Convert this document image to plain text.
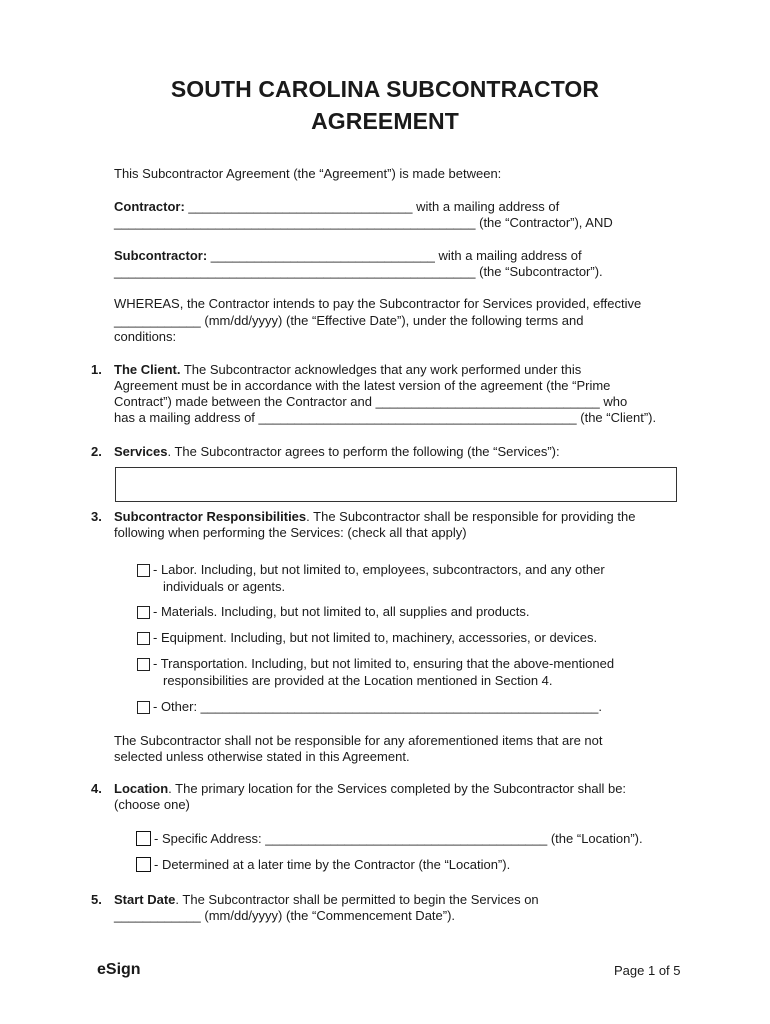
SOUTH CAROLINA SUBCONTRACTOR
AGREEMENT
This Subcontractor Agreement (the “Agreement”) is made between:
Contractor: _______________________________ with a mailing address of
__________________________________________________ (the “Contractor”), AND
Subcontractor: _______________________________ with a mailing address of
__________________________________________________ (the “Subcontractor”).
WHEREAS, the Contractor intends to pay the Subcontractor for Services provided, effective
____________ (mm/dd/yyyy) (the “Effective Date”), under the following terms and
conditions:
1. The Client. The Subcontractor acknowledges that any work performed under this
Agreement must be in accordance with the latest version of the agreement (the “Prime
Contract”) made between the Contractor and _______________________________ who
has a mailing address of ____________________________________________ (the “Client”).
2. Services. The Subcontractor agrees to perform the following (the “Services”):
3. Subcontractor Responsibilities. The Subcontractor shall be responsible for providing the
following when performing the Services: (check all that apply)
- Labor. Including, but not limited to, employees, subcontractors, and any other
individuals or agents.
- Materials. Including, but not limited to, all supplies and products.
- Equipment. Including, but not limited to, machinery, accessories, or devices.
- Transportation. Including, but not limited to, ensuring that the above-mentioned
responsibilities are provided at the Location mentioned in Section 4.
- Other: _______________________________________________________.
The Subcontractor shall not be responsible for any aforementioned items that are not
selected unless otherwise stated in this Agreement.
4. Location. The primary location for the Services completed by the Subcontractor shall be:
(choose one)
- Specific Address: _______________________________________ (the “Location”).
- Determined at a later time by the Contractor (the “Location”).
5. Start Date. The Subcontractor shall be permitted to begin the Services on
____________ (mm/dd/yyyy) (the “Commencement Date”).
eSign	Page 1 of 5
